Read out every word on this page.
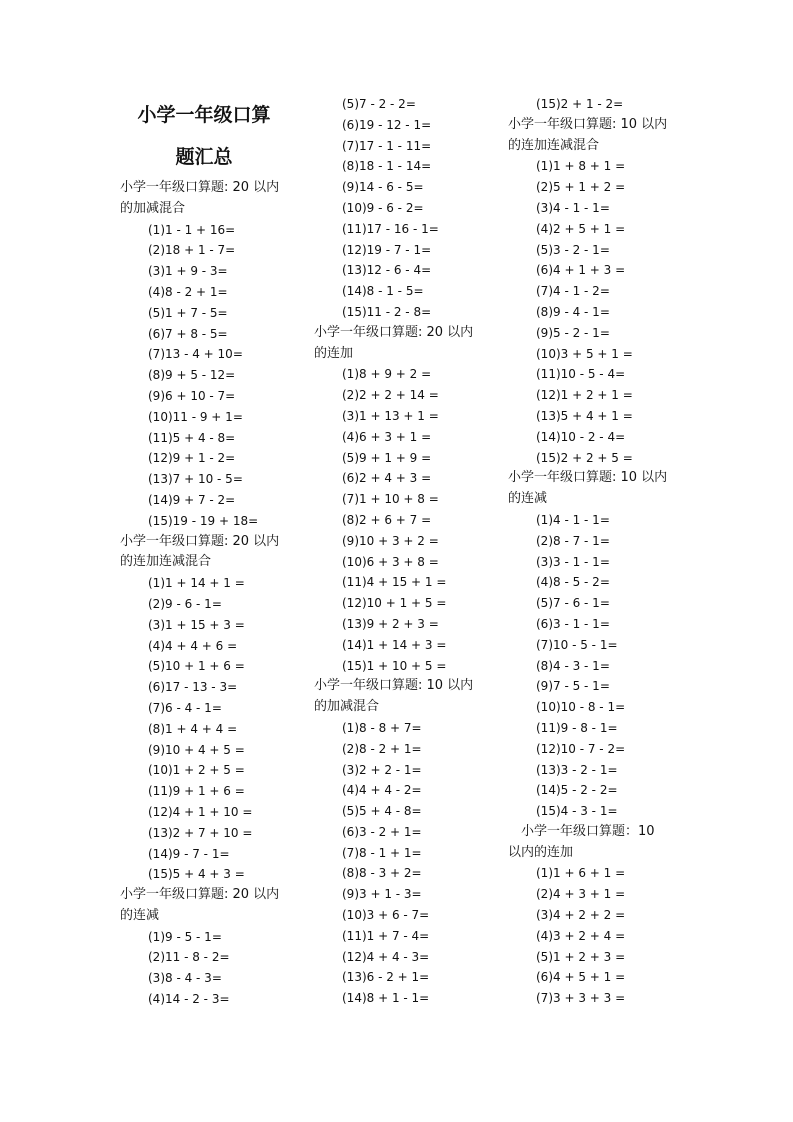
小学一年级口算

题汇总

小学一年级口算题: 20 以内

的加减混合

(1)1 - 1 + 16=

(2)18 + 1 - 7=

(3)1 + 9 - 3=

(4)8 - 2 + 1=

(5)1 + 7 - 5=

(6)7 + 8 - 5=

(7)13 - 4 + 10=

(8)9 + 5 - 12=

(9)6 + 10 - 7=

(10)11 - 9 + 1=

(11)5 + 4 - 8=

(12)9 + 1 - 2=

(13)7 + 10 - 5=

(14)9 + 7 - 2=

(15)19 - 19 + 18=

小学一年级口算题: 20 以内

的连加连减混合

(1)1 + 14 + 1 =

(2)9 - 6 - 1=

(3)1 + 15 + 3 =

(4)4 + 4 + 6 =

(5)10 + 1 + 6 =

(6)17 - 13 - 3=

(7)6 - 4 - 1=

(8)1 + 4 + 4 =

(9)10 + 4 + 5 =

(10)1 + 2 + 5 =

(11)9 + 1 + 6 =

(12)4 + 1 + 10 =

(13)2 + 7 + 10 =

(14)9 - 7 - 1=

(15)5 + 4 + 3 =

小学一年级口算题: 20 以内

的连减

(1)9 - 5 - 1=

(2)11 - 8 - 2=

(3)8 - 4 - 3=

(4)14 - 2 - 3=

(5)7 - 2 - 2=

(6)19 - 12 - 1=

(7)17 - 1 - 11=

(8)18 - 1 - 14=

(9)14 - 6 - 5=

(10)9 - 6 - 2=

(11)17 - 16 - 1=

(12)19 - 7 - 1=

(13)12 - 6 - 4=

(14)8 - 1 - 5=

(15)11 - 2 - 8=

小学一年级口算题: 20 以内

的连加

(1)8 + 9 + 2 =

(2)2 + 2 + 14 =

(3)1 + 13 + 1 =

(4)6 + 3 + 1 =

(5)9 + 1 + 9 =

(6)2 + 4 + 3 =

(7)1 + 10 + 8 =

(8)2 + 6 + 7 =

(9)10 + 3 + 2 =

(10)6 + 3 + 8 =

(11)4 + 15 + 1 =

(12)10 + 1 + 5 =

(13)9 + 2 + 3 =

(14)1 + 14 + 3 =

(15)1 + 10 + 5 =

小学一年级口算题: 10 以内

的加减混合

(1)8 - 8 + 7=

(2)8 - 2 + 1=

(3)2 + 2 - 1=

(4)4 + 4 - 2=

(5)5 + 4 - 8=

(6)3 - 2 + 1=

(7)8 - 1 + 1=

(8)8 - 3 + 2=

(9)3 + 1 - 3=

(10)3 + 6 - 7=

(11)1 + 7 - 4=

(12)4 + 4 - 3=

(13)6 - 2 + 1=

(14)8 + 1 - 1=

(15)2 + 1 - 2=

小学一年级口算题: 10 以内

的连加连减混合

(1)1 + 8 + 1 =

(2)5 + 1 + 2 =

(3)4 - 1 - 1=

(4)2 + 5 + 1 =

(5)3 - 2 - 1=

(6)4 + 1 + 3 =

(7)4 - 1 - 2=

(8)9 - 4 - 1=

(9)5 - 2 - 1=

(10)3 + 5 + 1 =

(11)10 - 5 - 4=

(12)1 + 2 + 1 =

(13)5 + 4 + 1 =

(14)10 - 2 - 4=

(15)2 + 2 + 5 =

小学一年级口算题: 10 以内

的连减

(1)4 - 1 - 1=

(2)8 - 7 - 1=

(3)3 - 1 - 1=

(4)8 - 5 - 2=

(5)7 - 6 - 1=

(6)3 - 1 - 1=

(7)10 - 5 - 1=

(8)4 - 3 - 1=

(9)7 - 5 - 1=

(10)10 - 8 - 1=

(11)9 - 8 - 1=

(12)10 - 7 - 2=

(13)3 - 2 - 1=

(14)5 - 2 - 2=

(15)4 - 3 - 1=

　小学一年级口算题：10

以内的连加

(1)1 + 6 + 1 =

(2)4 + 3 + 1 =

(3)4 + 2 + 2 =

(4)3 + 2 + 4 =

(5)1 + 2 + 3 =

(6)4 + 5 + 1 =

(7)3 + 3 + 3 =
